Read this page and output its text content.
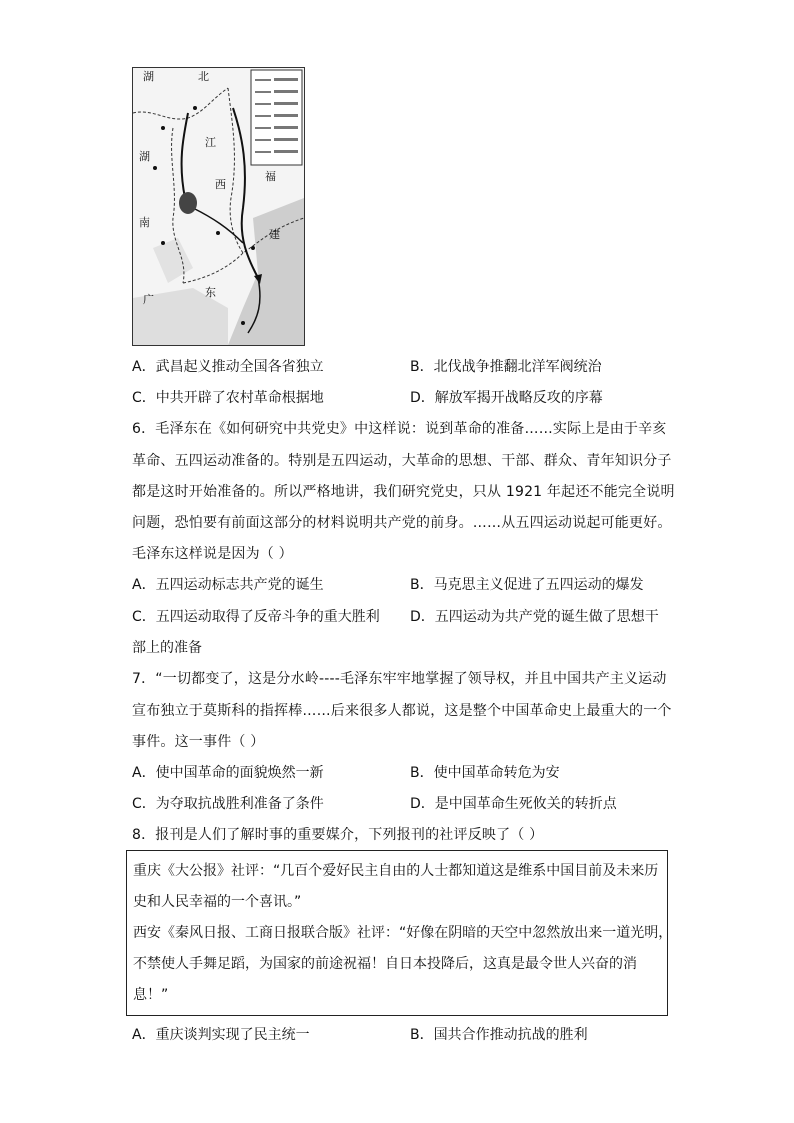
湖	北
江
西
福
湖
南
建
广
东
A．武昌起义推动全国各省独立	B．北伐战争推翻北洋军阀统治
C．中共开辟了农村革命根据地	D．解放军揭开战略反攻的序幕
6．毛泽东在《如何研究中共党史》中这样说：说到革命的准备……实际上是由于辛亥
革命、五四运动准备的。特别是五四运动，大革命的思想、干部、群众、青年知识分子
都是这时开始准备的。所以严格地讲，我们研究党史，只从 1921 年起还不能完全说明
问题，恐怕要有前面这部分的材料说明共产党的前身。……从五四运动说起可能更好。
毛泽东这样说是因为（ ）
A．五四运动标志共产党的诞生	B．马克思主义促进了五四运动的爆发
C．五四运动取得了反帝斗争的重大胜利 D．五四运动为共产党的诞生做了思想干
部上的准备
7．“一切都变了，这是分水岭----毛泽东牢牢地掌握了领导权，并且中国共产主义运动
宣布独立于莫斯科的指挥棒……后来很多人都说，这是整个中国革命史上最重大的一个
事件。这一事件（ ）
A．使中国革命的面貌焕然一新	B．使中国革命转危为安
C．为夺取抗战胜利准备了条件	D．是中国革命生死攸关的转折点
8．报刊是人们了解时事的重要媒介，下列报刊的社评反映了（ ）
重庆《大公报》社评：“几百个爱好民主自由的人士都知道这是维系中国目前及未来历
史和人民幸福的一个喜讯。”
西安《秦风日报、工商日报联合版》社评：“好像在阴暗的天空中忽然放出来一道光明，
不禁使人手舞足蹈，为国家的前途祝福！自日本投降后，这真是最令世人兴奋的消
息！”
A．重庆谈判实现了民主统一	B．国共合作推动抗战的胜利
